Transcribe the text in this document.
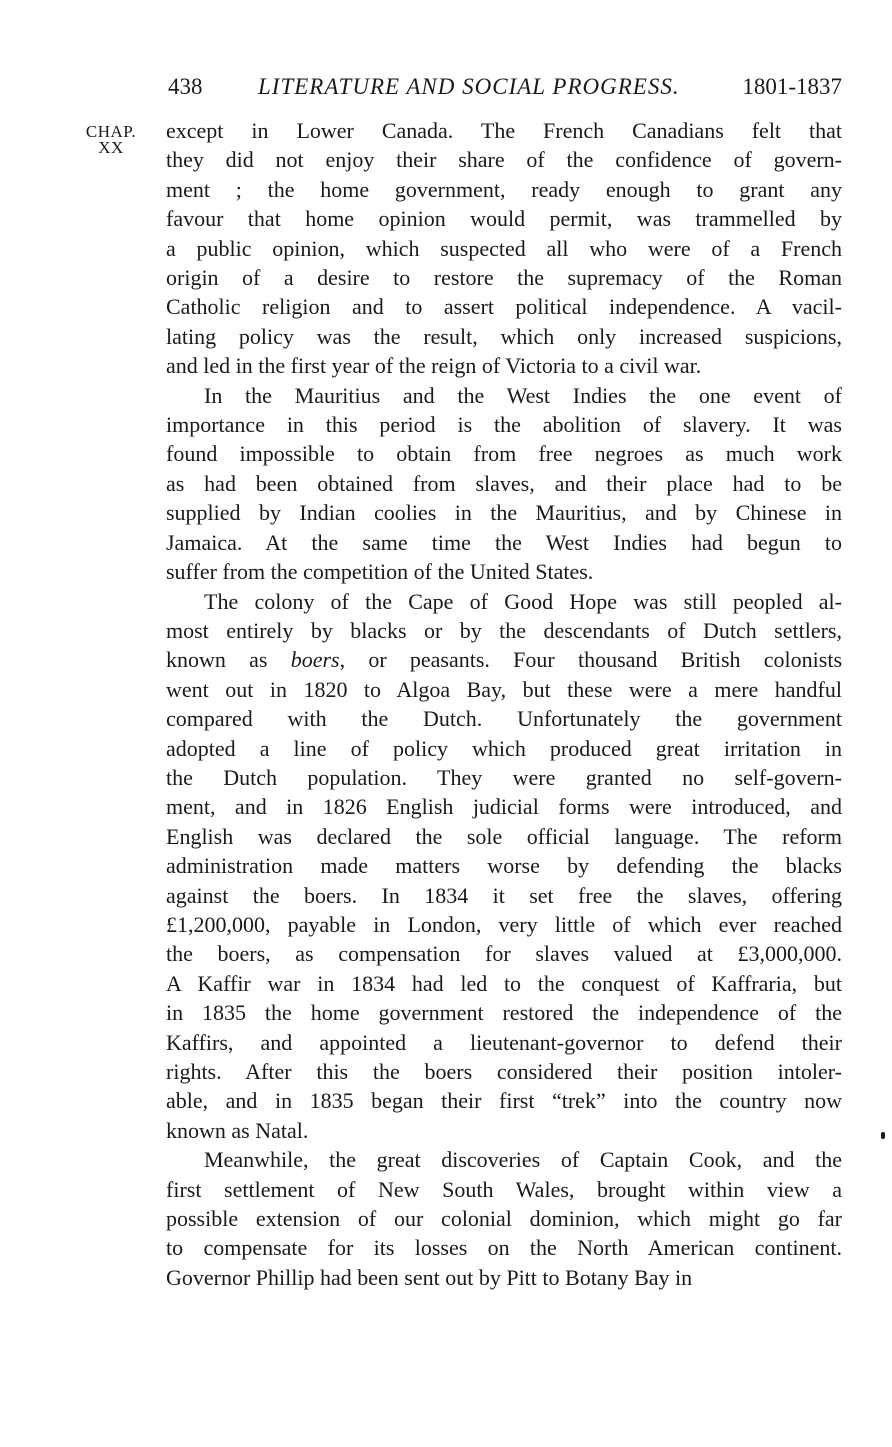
438 LITERATURE AND SOCIAL PROGRESS.	1801-1837
CHAP.
XX

except in Lower Canada. The French Canadians felt that
they did not enjoy their share of the confidence of govern-
ment ; the home government, ready enough to grant any
favour that home opinion would permit, was trammelled by
a public opinion, which suspected all who were of a French
origin of a desire to restore the supremacy of the Roman
Catholic religion and to assert political independence. A vacil-
lating policy was the result, which only increased suspicions,
and led in the first year of the reign of Victoria to a civil war.

In the Mauritius and the West Indies the one event of
importance in this period is the abolition of slavery. It was
found impossible to obtain from free negroes as much work
as had been obtained from slaves, and their place had to be
supplied by Indian coolies in the Mauritius, and by Chinese in
Jamaica. At the same time the West Indies had begun to
suffer from the competition of the United States.

The colony of the Cape of Good Hope was still peopled al-
most entirely by blacks or by the descendants of Dutch settlers,
known as boers, or peasants. Four thousand British colonists
went out in 1820 to Algoa Bay, but these were a mere handful
compared with the Dutch. Unfortunately the government
adopted a line of policy which produced great irritation in
the Dutch population. They were granted no self-govern-
ment, and in 1826 English judicial forms were introduced, and
English was declared the sole official language. The reform
administration made matters worse by defending the blacks
against the boers. In 1834 it set free the slaves, offering
£1,200,000, payable in London, very little of which ever reached
the boers, as compensation for slaves valued at £3,000,000.
A Kaffir war in 1834 had led to the conquest of Kaffraria, but
in 1835 the home government restored the independence of the
Kaffirs, and appointed a lieutenant-governor to defend their
rights. After this the boers considered their position intoler-
able, and in 1835 began their first “trek” into the country now
known as Natal.

Meanwhile, the great discoveries of Captain Cook, and the
first settlement of New South Wales, brought within view a
possible extension of our colonial dominion, which might go far
to compensate for its losses on the North American continent.
Governor Phillip had been sent out by Pitt to Botany Bay in
